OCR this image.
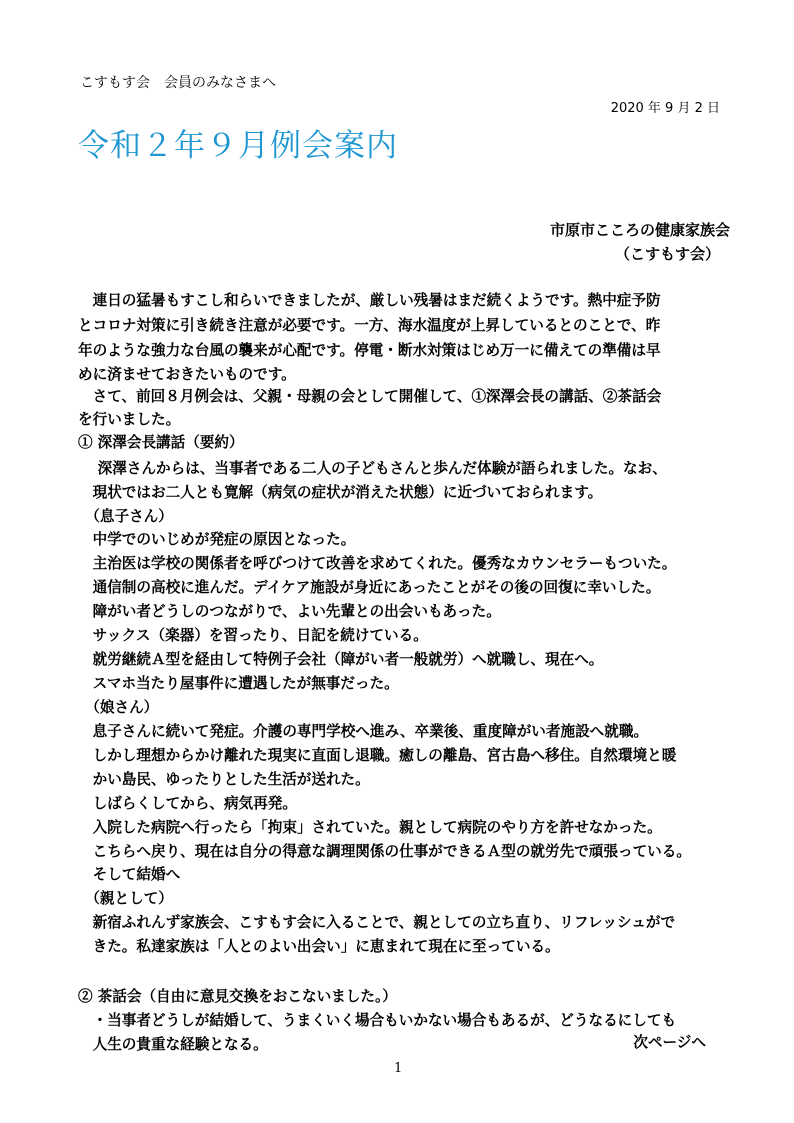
こすもす会　会員のみなさまへ
2020 年 9 月 2 日
令和２年９月例会案内
市原市こころの健康家族会
（こすもす会）
　連日の猛暑もすこし和らいできましたが、厳しい残暑はまだ続くようです。熱中症予防
とコロナ対策に引き続き注意が必要です。一方、海水温度が上昇しているとのことで、昨
年のような強力な台風の襲来が心配です。停電・断水対策はじめ万一に備えての準備は早
めに済ませておきたいものです。
　さて、前回８月例会は、父親・母親の会として開催して、①深澤会長の講話、②茶話会
を行いました。
① 深澤会長講話（要約）
　 深澤さんからは、当事者である二人の子どもさんと歩んだ体験が語られました。なお、
　現状ではお二人とも寛解（病気の症状が消えた状態）に近づいておられます。
　（息子さん）
　中学でのいじめが発症の原因となった。
　主治医は学校の関係者を呼びつけて改善を求めてくれた。優秀なカウンセラーもついた。
　通信制の高校に進んだ。デイケア施設が身近にあったことがその後の回復に幸いした。
　障がい者どうしのつながりで、よい先輩との出会いもあった。
　サックス（楽器）を習ったり、日記を続けている。
　就労継続Ａ型を経由して特例子会社（障がい者一般就労）へ就職し、現在へ。
　スマホ当たり屋事件に遭遇したが無事だった。
　（娘さん）
　息子さんに続いて発症。介護の専門学校へ進み、卒業後、重度障がい者施設へ就職。
　しかし理想からかけ離れた現実に直面し退職。癒しの離島、宮古島へ移住。自然環境と暖
　かい島民、ゆったりとした生活が送れた。
　しばらくしてから、病気再発。
　入院した病院へ行ったら「拘束」されていた。親として病院のやり方を許せなかった。
　こちらへ戻り、現在は自分の得意な調理関係の仕事ができるＡ型の就労先で頑張っている。
　そして結婚へ
　（親として）
　新宿ふれんず家族会、こすもす会に入ることで、親としての立ち直り、リフレッシュがで
　きた。私達家族は「人とのよい出会い」に恵まれて現在に至っている。
② 茶話会（自由に意見交換をおこないました。）
　・当事者どうしが結婚して、うまくいく場合もいかない場合もあるが、どうなるにしても
　人生の貴重な経験となる。	次ページへ
1
